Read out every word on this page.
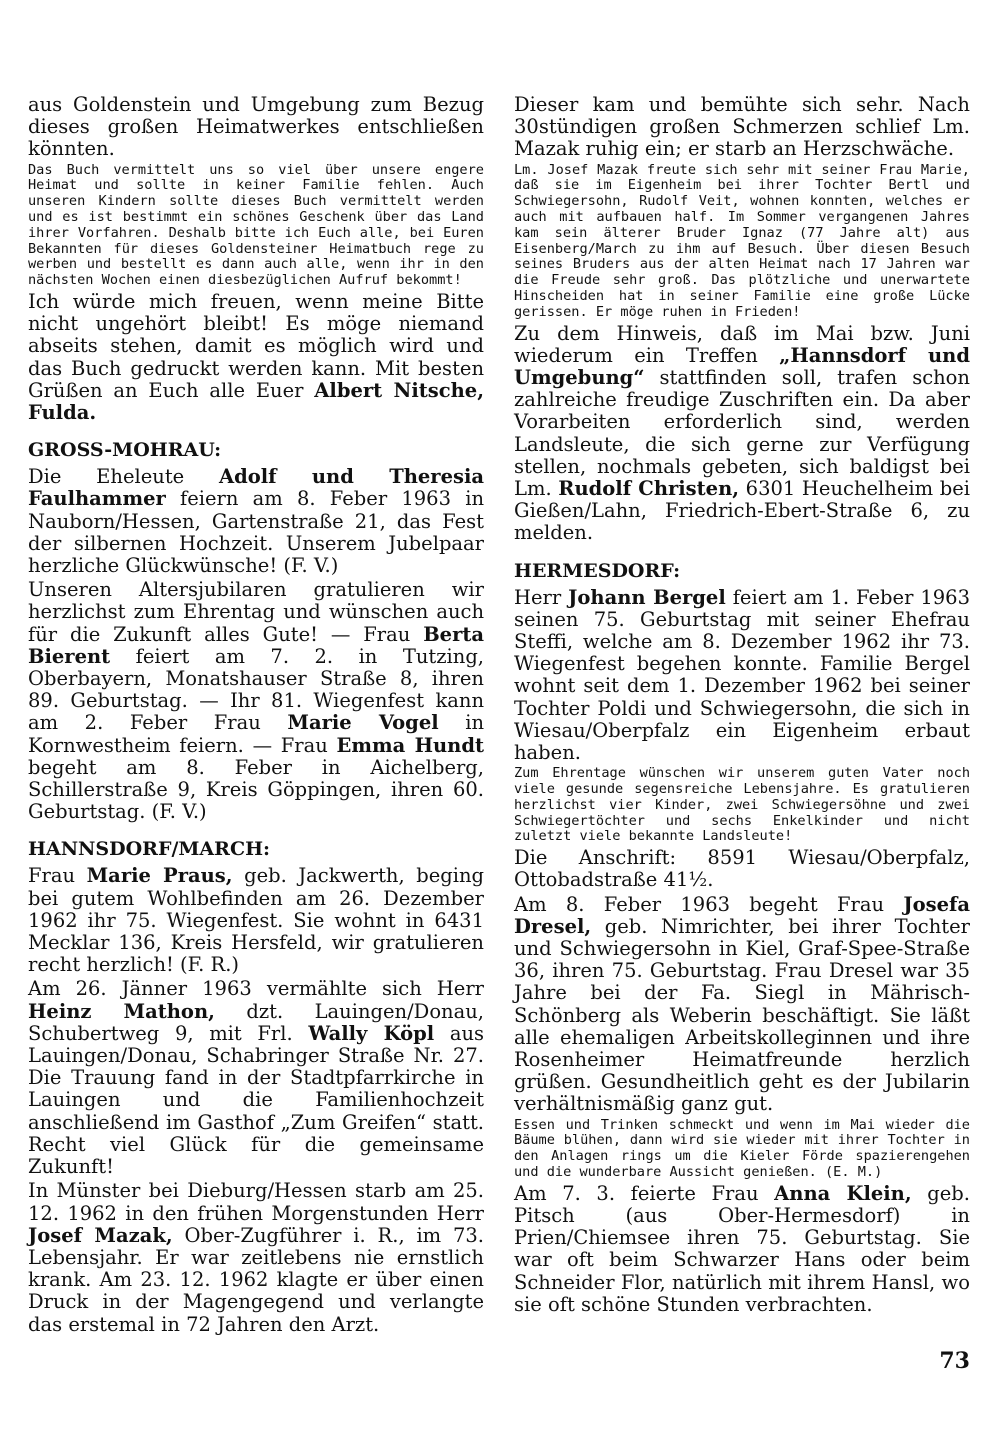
aus Goldenstein und Umgebung zum Bezug dieses großen Heimatwerkes entschließen könnten.

Das Buch vermittelt uns so viel über unsere engere Heimat und sollte in keiner Familie fehlen. Auch unseren Kindern sollte dieses Buch vermittelt werden und es ist bestimmt ein schönes Geschenk über das Land ihrer Vorfahren. Deshalb bitte ich Euch alle, bei Euren Bekannten für dieses Goldensteiner Heimatbuch rege zu werben und bestellt es dann auch alle, wenn ihr in den nächsten Wochen einen diesbezüglichen Aufruf bekommt!

Ich würde mich freuen, wenn meine Bitte nicht ungehört bleibt! Es möge niemand abseits stehen, damit es möglich wird und das Buch gedruckt werden kann. Mit besten Grüßen an Euch alle Euer Albert Nitsche, Fulda.

GROSS-MOHRAU:

Die Eheleute Adolf und Theresia Faulhammer feiern am 8. Feber 1963 in Nauborn/Hessen, Gartenstraße 21, das Fest der silbernen Hochzeit. Unserem Jubelpaar herzliche Glückwünsche! (F. V.)

Unseren Altersjubilaren gratulieren wir herzlichst zum Ehrentag und wünschen auch für die Zukunft alles Gute! — Frau Berta Bierent feiert am 7. 2. in Tutzing, Oberbayern, Monatshauser Straße 8, ihren 89. Geburtstag. — Ihr 81. Wiegenfest kann am 2. Feber Frau Marie Vogel in Kornwestheim feiern. — Frau Emma Hundt begeht am 8. Feber in Aichelberg, Schillerstraße 9, Kreis Göppingen, ihren 60. Geburtstag. (F. V.)

HANNSDORF/MARCH:

Frau Marie Praus, geb. Jackwerth, beging bei gutem Wohlbefinden am 26. Dezember 1962 ihr 75. Wiegenfest. Sie wohnt in 6431 Mecklar 136, Kreis Hersfeld, wir gratulieren recht herzlich! (F. R.)

Am 26. Jänner 1963 vermählte sich Herr Heinz Mathon, dzt. Lauingen/Donau, Schubertweg 9, mit Frl. Wally Köpl aus Lauingen/Donau, Schabringer Straße Nr. 27. Die Trauung fand in der Stadtpfarrkirche in Lauingen und die Familienhochzeit anschließend im Gasthof „Zum Greifen“ statt. Recht viel Glück für die gemeinsame Zukunft!

In Münster bei Dieburg/Hessen starb am 25. 12. 1962 in den frühen Morgenstunden Herr Josef Mazak, Ober-Zugführer i. R., im 73. Lebensjahr. Er war zeitlebens nie ernstlich krank. Am 23. 12. 1962 klagte er über einen Druck in der Magengegend und verlangte das erstemal in 72 Jahren den Arzt.

Dieser kam und bemühte sich sehr. Nach 30stündigen großen Schmerzen schlief Lm. Mazak ruhig ein; er starb an Herzschwäche.

Lm. Josef Mazak freute sich sehr mit seiner Frau Marie, daß sie im Eigenheim bei ihrer Tochter Bertl und Schwiegersohn, Rudolf Veit, wohnen konnten, welches er auch mit aufbauen half. Im Sommer vergangenen Jahres kam sein älterer Bruder Ignaz (77 Jahre alt) aus Eisenberg/March zu ihm auf Besuch. Über diesen Besuch seines Bruders aus der alten Heimat nach 17 Jahren war die Freude sehr groß. Das plötzliche und unerwartete Hinscheiden hat in seiner Familie eine große Lücke gerissen. Er möge ruhen in Frieden!

Zu dem Hinweis, daß im Mai bzw. Juni wiederum ein Treffen „Hannsdorf und Umgebung“ stattfinden soll, trafen schon zahlreiche freudige Zuschriften ein. Da aber Vorarbeiten erforderlich sind, werden Landsleute, die sich gerne zur Verfügung stellen, nochmals gebeten, sich baldigst bei Lm. Rudolf Christen, 6301 Heuchelheim bei Gießen/Lahn, Friedrich-Ebert-Straße 6, zu melden.

HERMESDORF:

Herr Johann Bergel feiert am 1. Feber 1963 seinen 75. Geburtstag mit seiner Ehefrau Steffi, welche am 8. Dezember 1962 ihr 73. Wiegenfest begehen konnte. Familie Bergel wohnt seit dem 1. Dezember 1962 bei seiner Tochter Poldi und Schwiegersohn, die sich in Wiesau/Oberpfalz ein Eigenheim erbaut haben.

Zum Ehrentage wünschen wir unserem guten Vater noch viele gesunde segensreiche Lebensjahre. Es gratulieren herzlichst vier Kinder, zwei Schwiegersöhne und zwei Schwiegertöchter und sechs Enkelkinder und nicht zuletzt viele bekannte Landsleute!

Die Anschrift: 8591 Wiesau/Oberpfalz, Ottobadstraße 41½.

Am 8. Feber 1963 begeht Frau Josefa Dresel, geb. Nimrichter, bei ihrer Tochter und Schwiegersohn in Kiel, Graf-Spee-Straße 36, ihren 75. Geburtstag. Frau Dresel war 35 Jahre bei der Fa. Siegl in Mährisch-Schönberg als Weberin beschäftigt. Sie läßt alle ehemaligen Arbeitskolleginnen und ihre Rosenheimer Heimatfreunde herzlich grüßen. Gesundheitlich geht es der Jubilarin verhältnismäßig ganz gut.

Essen und Trinken schmeckt und wenn im Mai wieder die Bäume blühen, dann wird sie wieder mit ihrer Tochter in den Anlagen rings um die Kieler Förde spazierengehen und die wunderbare Aussicht genießen. (E. M.)

Am 7. 3. feierte Frau Anna Klein, geb. Pitsch (aus Ober-Hermesdorf) in Prien/Chiemsee ihren 75. Geburtstag. Sie war oft beim Schwarzer Hans oder beim Schneider Flor, natürlich mit ihrem Hansl, wo sie oft schöne Stunden verbrachten.

73
